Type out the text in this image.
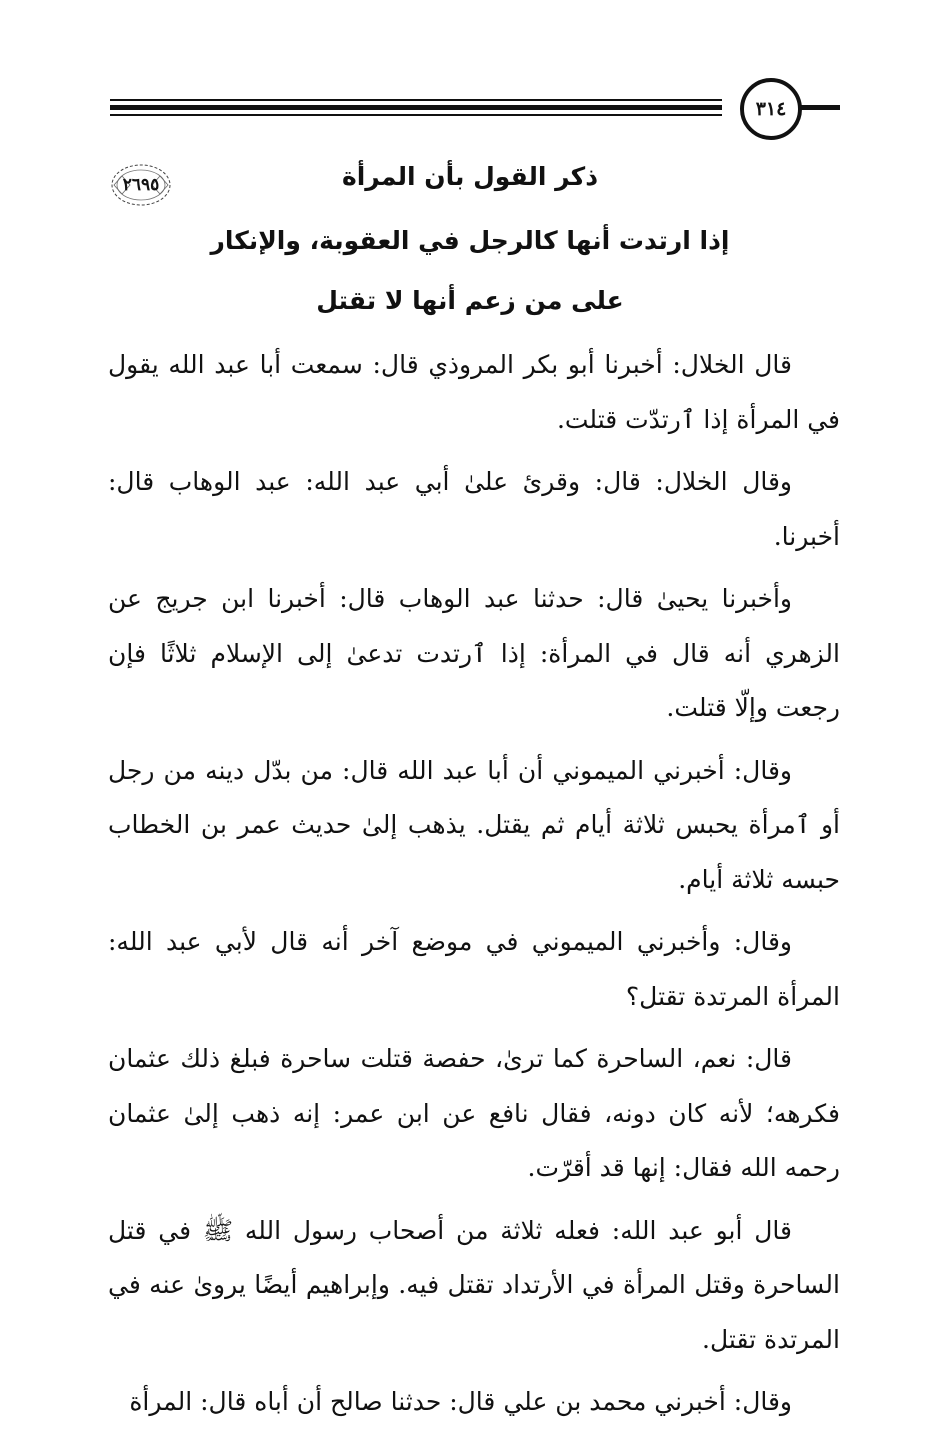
٣١٤
٢٦٩٥	ذكر القول بأن المرأة
إذا ارتدت أنها كالرجل في العقوبة، والإنكار
على من زعم أنها لا تقتل

قال الخلال: أخبرنا أبو بكر المروذي قال: سمعت أبا عبد الله يقول في المرأة إذا ٱرتدّت قتلت.

وقال الخلال: قال: وقرئ علىٰ أبي عبد الله: عبد الوهاب قال: أخبرنا.

وأخبرنا يحيىٰ قال: حدثنا عبد الوهاب قال: أخبرنا ابن جريج عن الزهري أنه قال في المرأة: إذا ٱرتدت تدعىٰ إلى الإسلام ثلاثًا فإن رجعت وإلّا قتلت.

وقال: أخبرني الميموني أن أبا عبد الله قال: من بدّل دينه من رجل أو ٱمرأة يحبس ثلاثة أيام ثم يقتل. يذهب إلىٰ حديث عمر بن الخطاب حبسه ثلاثة أيام.

وقال: وأخبرني الميموني في موضع آخر أنه قال لأبي عبد الله: المرأة المرتدة تقتل؟

قال: نعم، الساحرة كما ترىٰ، حفصة قتلت ساحرة فبلغ ذلك عثمان فكرهه؛ لأنه كان دونه، فقال نافع عن ابن عمر: إنه ذهب إلىٰ عثمان رحمه الله فقال: إنها قد أقرّت.

قال أبو عبد الله: فعله ثلاثة من أصحاب رسول الله ﷺ في قتل الساحرة وقتل المرأة في الأرتداد تقتل فيه. وإبراهيم أيضًا يروىٰ عنه في المرتدة تقتل.

وقال: أخبرني محمد بن علي قال: حدثنا صالح أن أباه قال: المرأة
